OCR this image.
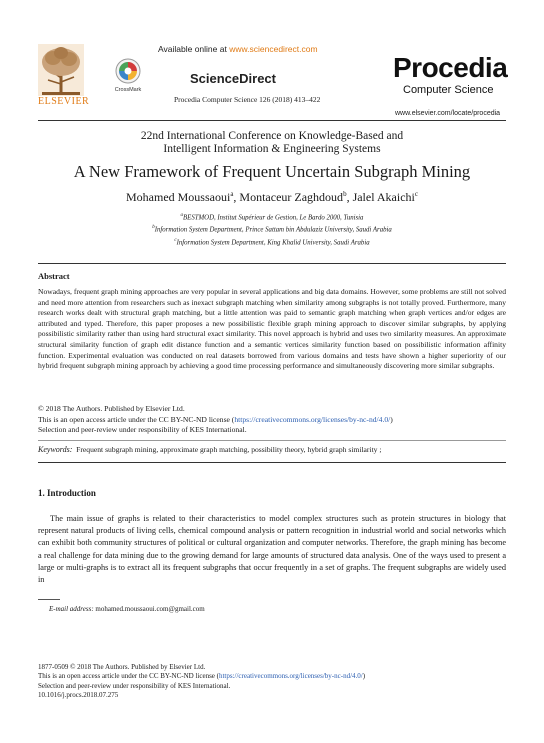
ELSEVIER
CrossMark
Available online at www.sciencedirect.com
ScienceDirect
Procedia Computer Science 126 (2018) 413–422
Procedia
Computer Science
www.elsevier.com/locate/procedia
22nd International Conference on Knowledge-Based and
Intelligent Information & Engineering Systems
A New Framework of Frequent Uncertain Subgraph Mining
Mohamed Moussaoui$^a$, Montaceur Zaghdoud$^b$, Jalel Akaichi$^c$
$^a$BESTMOD, Institut Supérieur de Gestion, Le Bardo 2000, Tunisia
$^b$Information System Department, Prince Sattam bin Abdulaziz University, Saudi Arabia
$^c$Information System Department, King Khalid University, Saudi Arabia
Abstract

Nowadays, frequent graph mining approaches are very popular in several applications and big data domains. However, some problems are still not solved and need more attention from researchers such as inexact subgraph matching when similarity among subgraphs is not totally proved. Furthermore, many research works dealt with structural graph matching, but a little attention was paid to semantic graph matching when graph vertices and/or edges are attributed and typed. Therefore, this paper proposes a new possibilistic flexible graph mining approach to discover similar subgraphs, by applying possibilistic similarity rather than using hard structural exact similarity. This novel approach is hybrid and uses two similarity measures. An approximate structural similarity function of graph edit distance function and a semantic vertices similarity function based on possibilistic information affinity function. Experimental evaluation was conducted on real datasets borrowed from various domains and tests have shown a higher superiority of our hybrid frequent subgraph mining approach by achieving a good time processing performance and simultaneously discovering more similar subgraphs.

© 2018 The Authors. Published by Elsevier Ltd.
This is an open access article under the CC BY-NC-ND license (https://creativecommons.org/licenses/by-nc-nd/4.0/)
Selection and peer-review under responsibility of KES International.
Keywords: Frequent subgraph mining, approximate graph matching, possibility theory, hybrid graph similarity ;
1. Introduction

The main issue of graphs is related to their characteristics to model complex structures such as protein structures in biology that represent natural products of living cells, chemical compound analysis or pattern recognition in industrial world and social networks which can exhibit both community structures of political or cultural organization and computer networks. Therefore, the graph mining has become a real challenge for data mining due to the growing demand for large amounts of structured data analysis. One of the ways used to present a large or multi-graphs is to extract all its frequent subgraphs that occur frequently in a set of graphs. The frequent subgraphs are widely used in

E-mail address: mohamed.moussaoui.com@gmail.com
1877-0509 © 2018 The Authors. Published by Elsevier Ltd.
This is an open access article under the CC BY-NC-ND license (https://creativecommons.org/licenses/by-nc-nd/4.0/)
Selection and peer-review under responsibility of KES International.
10.1016/j.procs.2018.07.275
